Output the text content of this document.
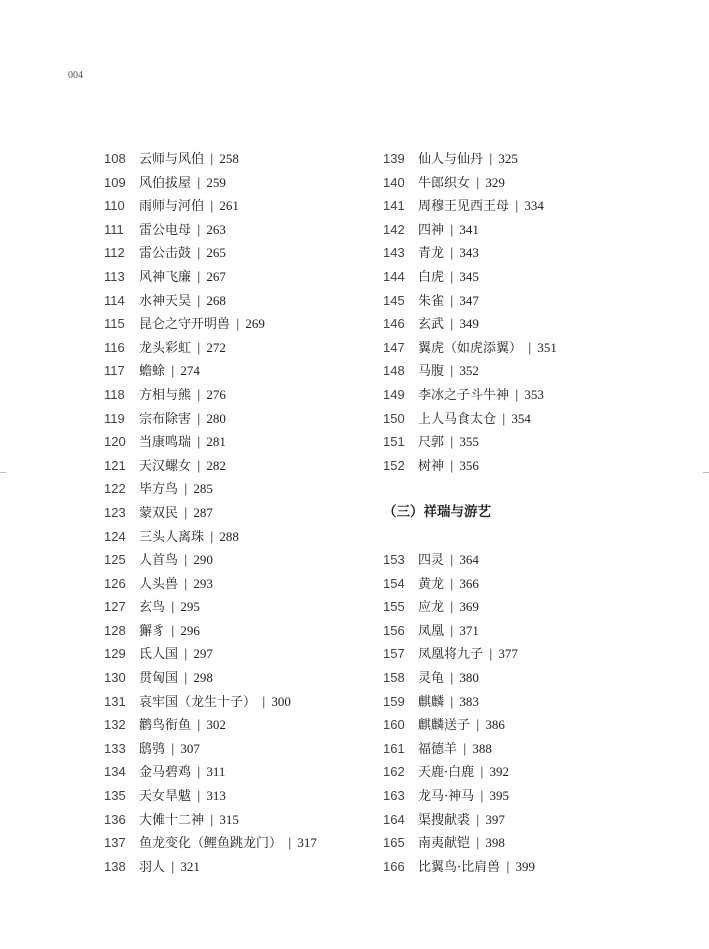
004
108 云师与风伯 | 258
109 风伯拔屋 | 259
110 雨师与河伯 | 261
111 雷公电母 | 263
112 雷公击鼓 | 265
113 风神飞廉 | 267
114 水神天吴 | 268
115 昆仑之守开明兽 | 269
116 龙头彩虹 | 272
117 蟾蜍 | 274
118 方相与熊 | 276
119 宗布除害 | 280
120 当康鸣瑞 | 281
121 天汉螺女 | 282
122 毕方鸟 | 285
123 蒙双民 | 287
124 三头人离珠 | 288
125 人首鸟 | 290
126 人头兽 | 293
127 玄鸟 | 295
128 獬豸 | 296
129 氐人国 | 297
130 贯匈国 | 298
131 哀牢国（龙生十子） | 300
132 鹳鸟衔鱼 | 302
133 鸱鸮 | 307
134 金马碧鸡 | 311
135 天女旱魃 | 313
136 大傩十二神 | 315
137 鱼龙变化（鲤鱼跳龙门） | 317
138 羽人 | 321
139 仙人与仙丹 | 325
140 牛郎织女 | 329
141 周穆王见西王母 | 334
142 四神 | 341
143 青龙 | 343
144 白虎 | 345
145 朱雀 | 347
146 玄武 | 349
147 翼虎（如虎添翼） | 351
148 马腹 | 352
149 李冰之子斗牛神 | 353
150 上人马食太仓 | 354
151 尺郭 | 355
152 树神 | 356
（三）祥瑞与游艺
153 四灵 | 364
154 黄龙 | 366
155 应龙 | 369
156 凤凰 | 371
157 凤凰将九子 | 377
158 灵龟 | 380
159 麒麟 | 383
160 麒麟送子 | 386
161 福德羊 | 388
162 天鹿·白鹿 | 392
163 龙马·神马 | 395
164 渠搜献裘 | 397
165 南夷献铠 | 398
166 比翼鸟·比肩兽 | 399
